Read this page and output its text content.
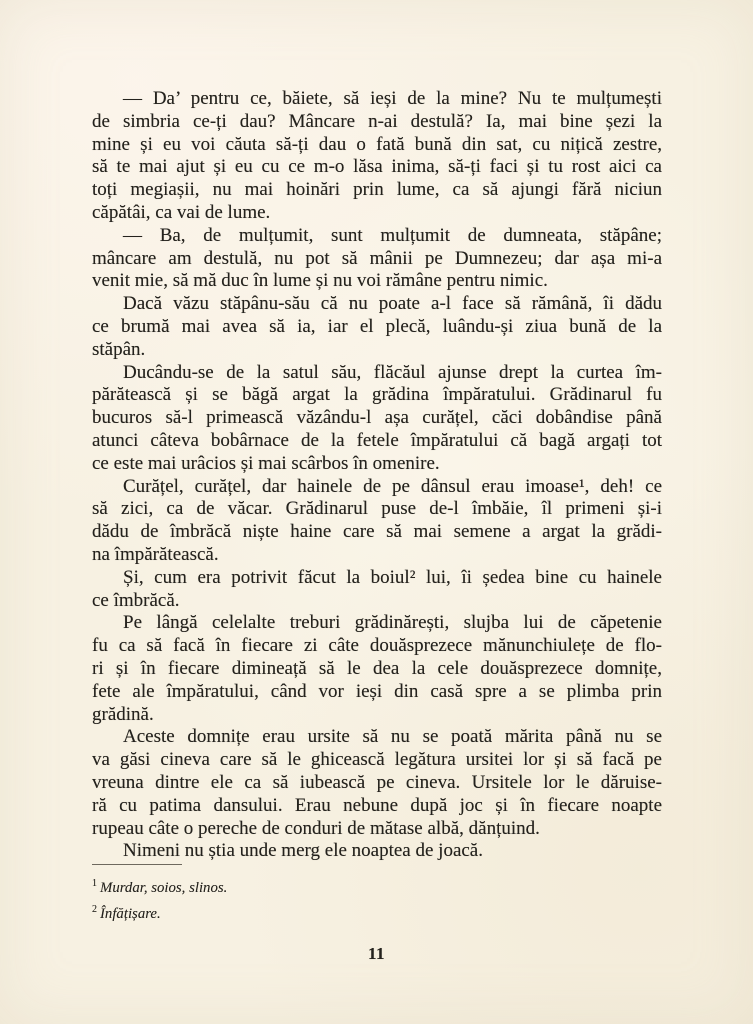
— Da’ pentru ce, băiete, să ieși de la mine? Nu te mulțumești
de simbria ce-ți dau? Mâncare n-ai destulă? Ia, mai bine șezi la
mine și eu voi căuta să-ți dau o fată bună din sat, cu nițică zestre,
să te mai ajut și eu cu ce m-o lăsa inima, să-ți faci și tu rost aici ca
toți megiașii, nu mai hoinări prin lume, ca să ajungi fără niciun
căpătâi, ca vai de lume.

— Ba, de mulțumit, sunt mulțumit de dumneata, stăpâne;
mâncare am destulă, nu pot să mânii pe Dumnezeu; dar așa mi-a
venit mie, să mă duc în lume și nu voi rămâne pentru nimic.

Dacă văzu stăpânu-său că nu poate a-l face să rămână, îi dădu
ce brumă mai avea să ia, iar el plecă, luându-și ziua bună de la
stăpân.

Ducându-se de la satul său, flăcăul ajunse drept la curtea îm-
părătească și se băgă argat la grădina împăratului. Grădinarul fu
bucuros să-l primească văzându-l așa curățel, căci dobândise până
atunci câteva bobârnace de la fetele împăratului că bagă argați tot
ce este mai urâcios și mai scârbos în omenire.

Curățel, curățel, dar hainele de pe dânsul erau imoase¹, deh! ce
să zici, ca de văcar. Grădinarul puse de-l îmbăie, îl primeni și-i
dădu de îmbrăcă niște haine care să mai semene a argat la grădi-
na împărătească.

Și, cum era potrivit făcut la boiul² lui, îi ședea bine cu hainele
ce îmbrăcă.

Pe lângă celelalte treburi grădinărești, slujba lui de căpetenie
fu ca să facă în fiecare zi câte douăsprezece mănunchiulețe de flo-
ri și în fiecare dimineață să le dea la cele douăsprezece domnițe,
fete ale împăratului, când vor ieși din casă spre a se plimba prin
grădină.

Aceste domnițe erau ursite să nu se poată mărita până nu se
va găsi cineva care să le ghicească legătura ursitei lor și să facă pe
vreuna dintre ele ca să iubească pe cineva. Ursitele lor le dăruise-
ră cu patima dansului. Erau nebune după joc și în fiecare noapte
rupeau câte o pereche de conduri de mătase albă, dănțuind.

Nimeni nu știa unde merg ele noaptea de joacă.

$^1$ Murdar, soios, slinos.
$^2$ Înfățișare.
11
